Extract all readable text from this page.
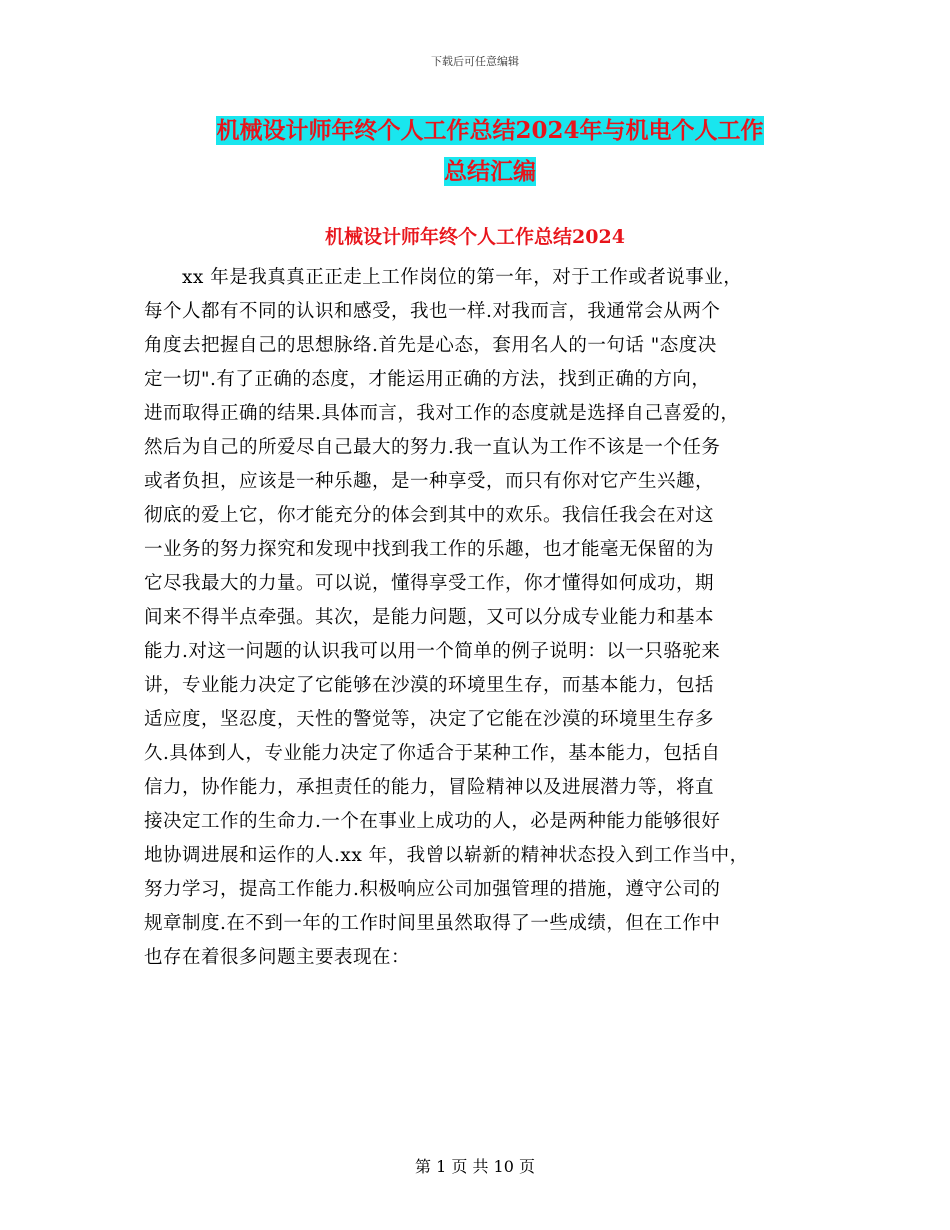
下载后可任意编辑
机械设计师年终个人工作总结2024年与机电个人工作
总结汇编
机械设计师年终个人工作总结2024
　　xx 年是我真真正正走上工作岗位的第一年，对于工作或者说事业，
每个人都有不同的认识和感受，我也一样.对我而言，我通常会从两个
角度去把握自己的思想脉络.首先是心态，套用名人的一句话 "态度决
定一切".有了正确的态度，才能运用正确的方法，找到正确的方向，
进而取得正确的结果.具体而言，我对工作的态度就是选择自己喜爱的，
然后为自己的所爱尽自己最大的努力.我一直认为工作不该是一个任务
或者负担，应该是一种乐趣，是一种享受，而只有你对它产生兴趣，
彻底的爱上它，你才能充分的体会到其中的欢乐。我信任我会在对这
一业务的努力探究和发现中找到我工作的乐趣，也才能毫无保留的为
它尽我最大的力量。可以说，懂得享受工作，你才懂得如何成功，期
间来不得半点牵强。其次，是能力问题，又可以分成专业能力和基本
能力.对这一问题的认识我可以用一个简单的例子说明：以一只骆驼来
讲，专业能力决定了它能够在沙漠的环境里生存，而基本能力，包括
适应度，坚忍度，天性的警觉等，决定了它能在沙漠的环境里生存多
久.具体到人，专业能力决定了你适合于某种工作，基本能力，包括自
信力，协作能力，承担责任的能力，冒险精神以及进展潜力等，将直
接决定工作的生命力.一个在事业上成功的人，必是两种能力能够很好
地协调进展和运作的人.xx 年，我曾以崭新的精神状态投入到工作当中，
努力学习，提高工作能力.积极响应公司加强管理的措施，遵守公司的
规章制度.在不到一年的工作时间里虽然取得了一些成绩，但在工作中
也存在着很多问题主要表现在：
第 1 页 共 10 页
